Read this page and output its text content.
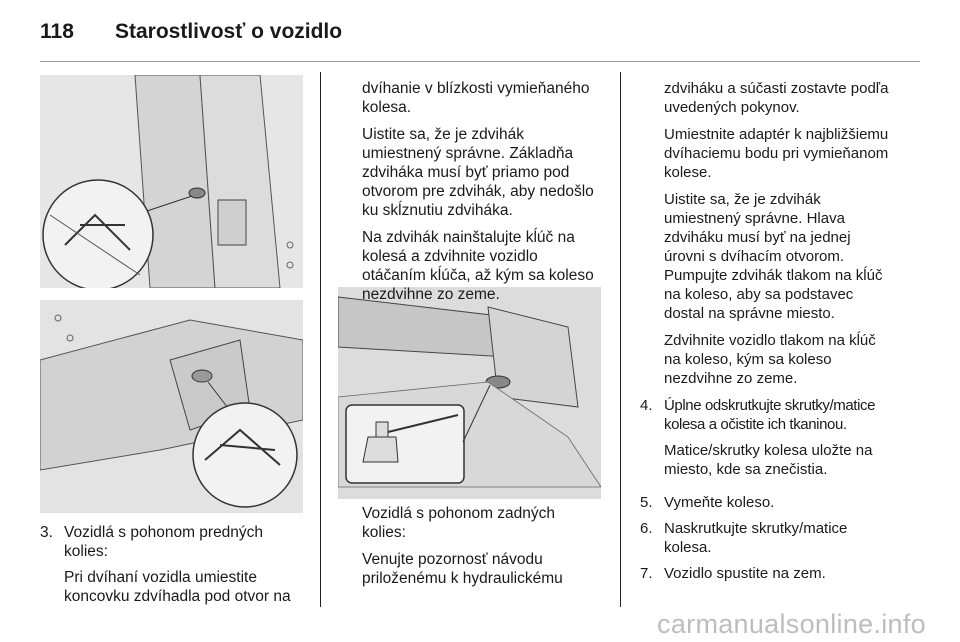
118	Starostlivosť o vozidlo
3. Vozidlá s pohonom predných
kolies:

Pri dvíhaní vozidla umiestite
koncovku zdvíhadla pod otvor na

dvíhanie v blízkosti vymieňaného
kolesa.

Uistite sa, že je zdvihák
umiestnený správne. Základňa
zdviháka musí byť priamo pod
otvorom pre zdvihák, aby nedošlo
ku skĺznutiu zdviháka.

Na zdvihák nainštalujte kĺúč na
kolesá a zdvihnite vozidlo
otáčaním kĺúča, až kým sa koleso
nezdvihne zo zeme.

Vozidlá s pohonom zadných
kolies:

Venujte pozornosť návodu
priloženému k hydraulickému

zdviháku a súčasti zostavte podľa
uvedených pokynov.

Umiestnite adaptér k najbližšiemu
dvíhaciemu bodu pri vymieňanom
kolese.

Uistite sa, že je zdvihák
umiestnený správne. Hlava
zdviháku musí byť na jednej
úrovni s dvíhacím otvorom.
Pumpujte zdvihák tlakom na kĺúč
na koleso, aby sa podstavec
dostal na správne miesto.

Zdvihnite vozidlo tlakom na kĺúč
na koleso, kým sa koleso
nezdvihne zo zeme.

4. Úplne odskrutkujte skrutky/matice
kolesa a očistite ich tkaninou.

Matice/skrutky kolesa uložte na
miesto, kde sa znečistia.

5. Vymeňte koleso.
6. Naskrutkujte skrutky/matice
kolesa.
7. Vozidlo spustite na zem.
carmanualsonline.info
